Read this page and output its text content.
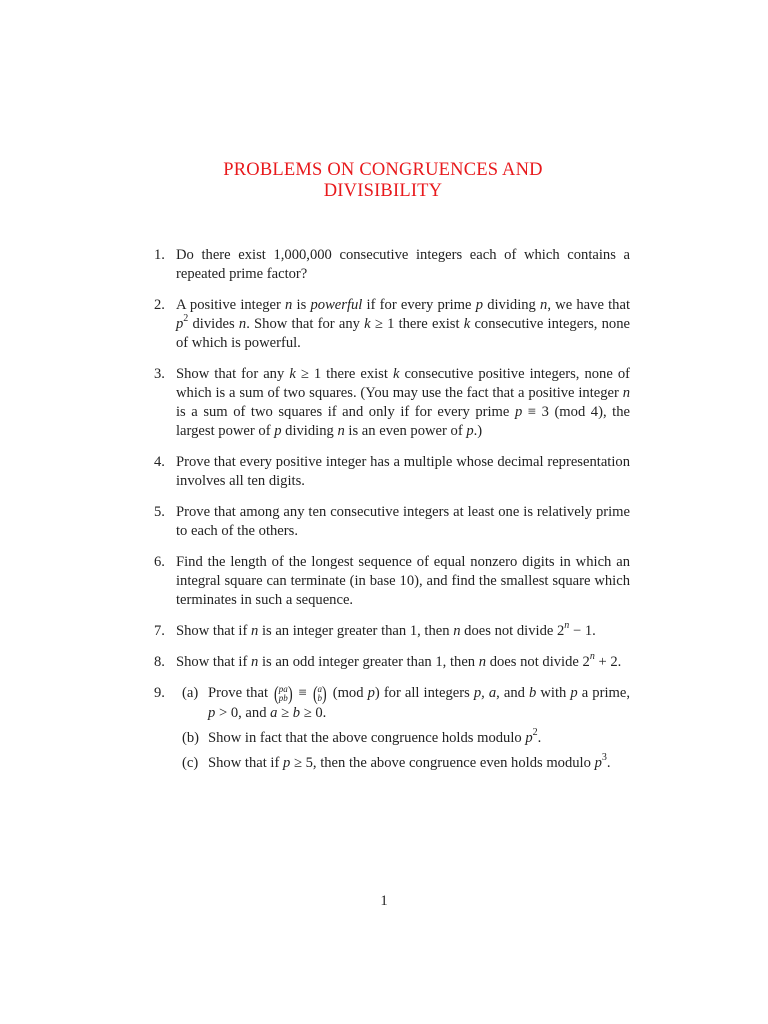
PROBLEMS ON CONGRUENCES AND
DIVISIBILITY
1. Do there exist 1,000,000 consecutive integers each of which contains a repeated prime factor?
2. A positive integer n is powerful if for every prime p dividing n, we have that $p^2$ divides n. Show that for any k ≥ 1 there exist k consecutive integers, none of which is powerful.
3. Show that for any k ≥ 1 there exist k consecutive positive integers, none of which is a sum of two squares. (You may use the fact that a positive integer n is a sum of two squares if and only if for every prime p ≡ 3 (mod 4), the largest power of p dividing n is an even power of p.)
4. Prove that every positive integer has a multiple whose decimal representation involves all ten digits.
5. Prove that among any ten consecutive integers at least one is relatively prime to each of the others.
6. Find the length of the longest sequence of equal nonzero digits in which an integral square can terminate (in base 10), and find the smallest square which terminates in such a sequence.
7. Show that if n is an integer greater than 1, then n does not divide $2^n - 1$.
8. Show that if n is an odd integer greater than 1, then n does not divide $2^n + 2$.
9. (a) Prove that ( pa
pb ) ≡ ( a
b ) (mod p) for all integers p, a, and b with p a prime, p > 0, and a ≥ b ≥ 0.
(b) Show in fact that the above congruence holds modulo $p^2$.
(c) Show that if p ≥ 5, then the above congruence even holds modulo $p^3$.
1
